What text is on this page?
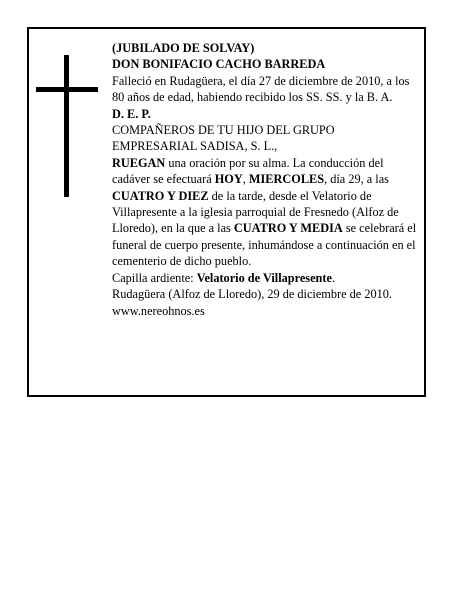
(JUBILADO DE SOLVAY)

DON BONIFACIO CACHO BARREDA

Falleció en Rudagüera, el día 27 de diciembre de 2010, a los 80 años de edad, habiendo recibido los SS. SS. y la B. A.

D. E. P.

COMPAÑEROS DE TU HIJO DEL GRUPO EMPRESARIAL SADISA, S. L.,

RUEGAN una oración por su alma. La conducción del cadáver se efectuará HOY, MIERCOLES, día 29, a las CUATRO Y DIEZ de la tarde, desde el Velatorio de Villapresente a la iglesia parroquial de Fresnedo (Alfoz de Lloredo), en la que a las CUATRO Y MEDIA se celebrará el funeral de cuerpo presente, inhumándose a continuación en el cementerio de dicho pueblo.

Capilla ardiente: Velatorio de Villapresente.

Rudagüera (Alfoz de Lloredo), 29 de diciembre de 2010.

www.nereohnos.es
